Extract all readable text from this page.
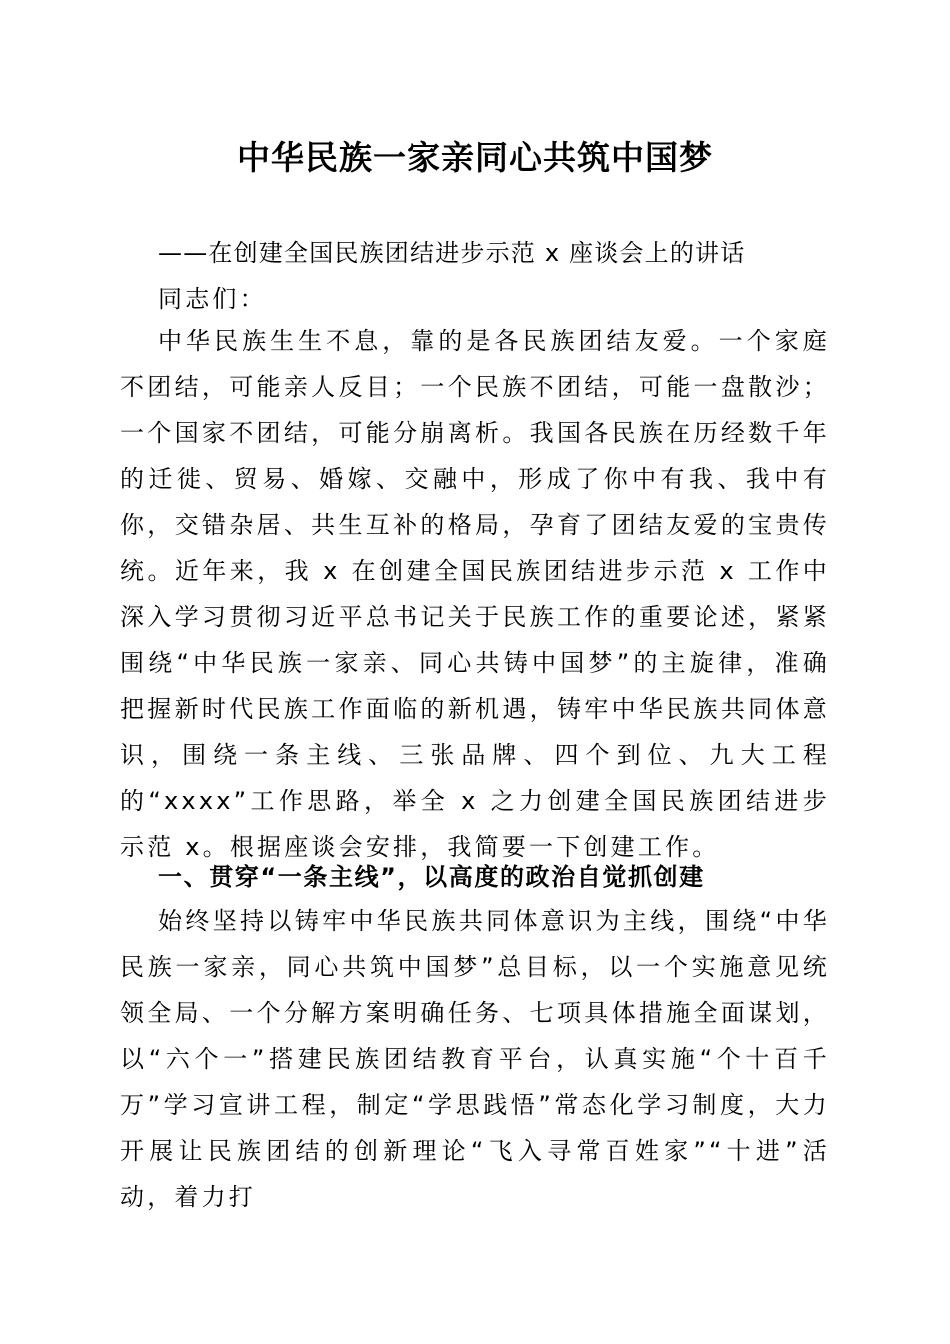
中华民族一家亲同心共筑中国梦
——在创建全国民族团结进步示范 x 座谈会上的讲话
同志们：
中华民族生生不息，靠的是各民族团结友爱。一个家庭不团结，可能亲人反目；一个民族不团结，可能一盘散沙；一个国家不团结，可能分崩离析。我国各民族在历经数千年的迁徙、贸易、婚嫁、交融中，形成了你中有我、我中有你，交错杂居、共生互补的格局，孕育了团结友爱的宝贵传统。近年来，我 x 在创建全国民族团结进步示范 x 工作中深入学习贯彻习近平总书记关于民族工作的重要论述，紧紧围绕“中华民族一家亲、同心共铸中国梦”的主旋律，准确把握新时代民族工作面临的新机遇，铸牢中华民族共同体意识，围绕一条主线、三张品牌、四个到位、九大工程的“xxxx”工作思路，举全 x 之力创建全国民族团结进步示范 x。根据座谈会安排，我简要一下创建工作。
一、贯穿“一条主线”，以高度的政治自觉抓创建
始终坚持以铸牢中华民族共同体意识为主线，围绕“中华民族一家亲，同心共筑中国梦”总目标，以一个实施意见统领全局、一个分解方案明确任务、七项具体措施全面谋划，以“六个一”搭建民族团结教育平台，认真实施“个十百千万”学习宣讲工程，制定“学思践悟”常态化学习制度，大力开展让民族团结的创新理论“飞入寻常百姓家”“十进”活动，着力打
